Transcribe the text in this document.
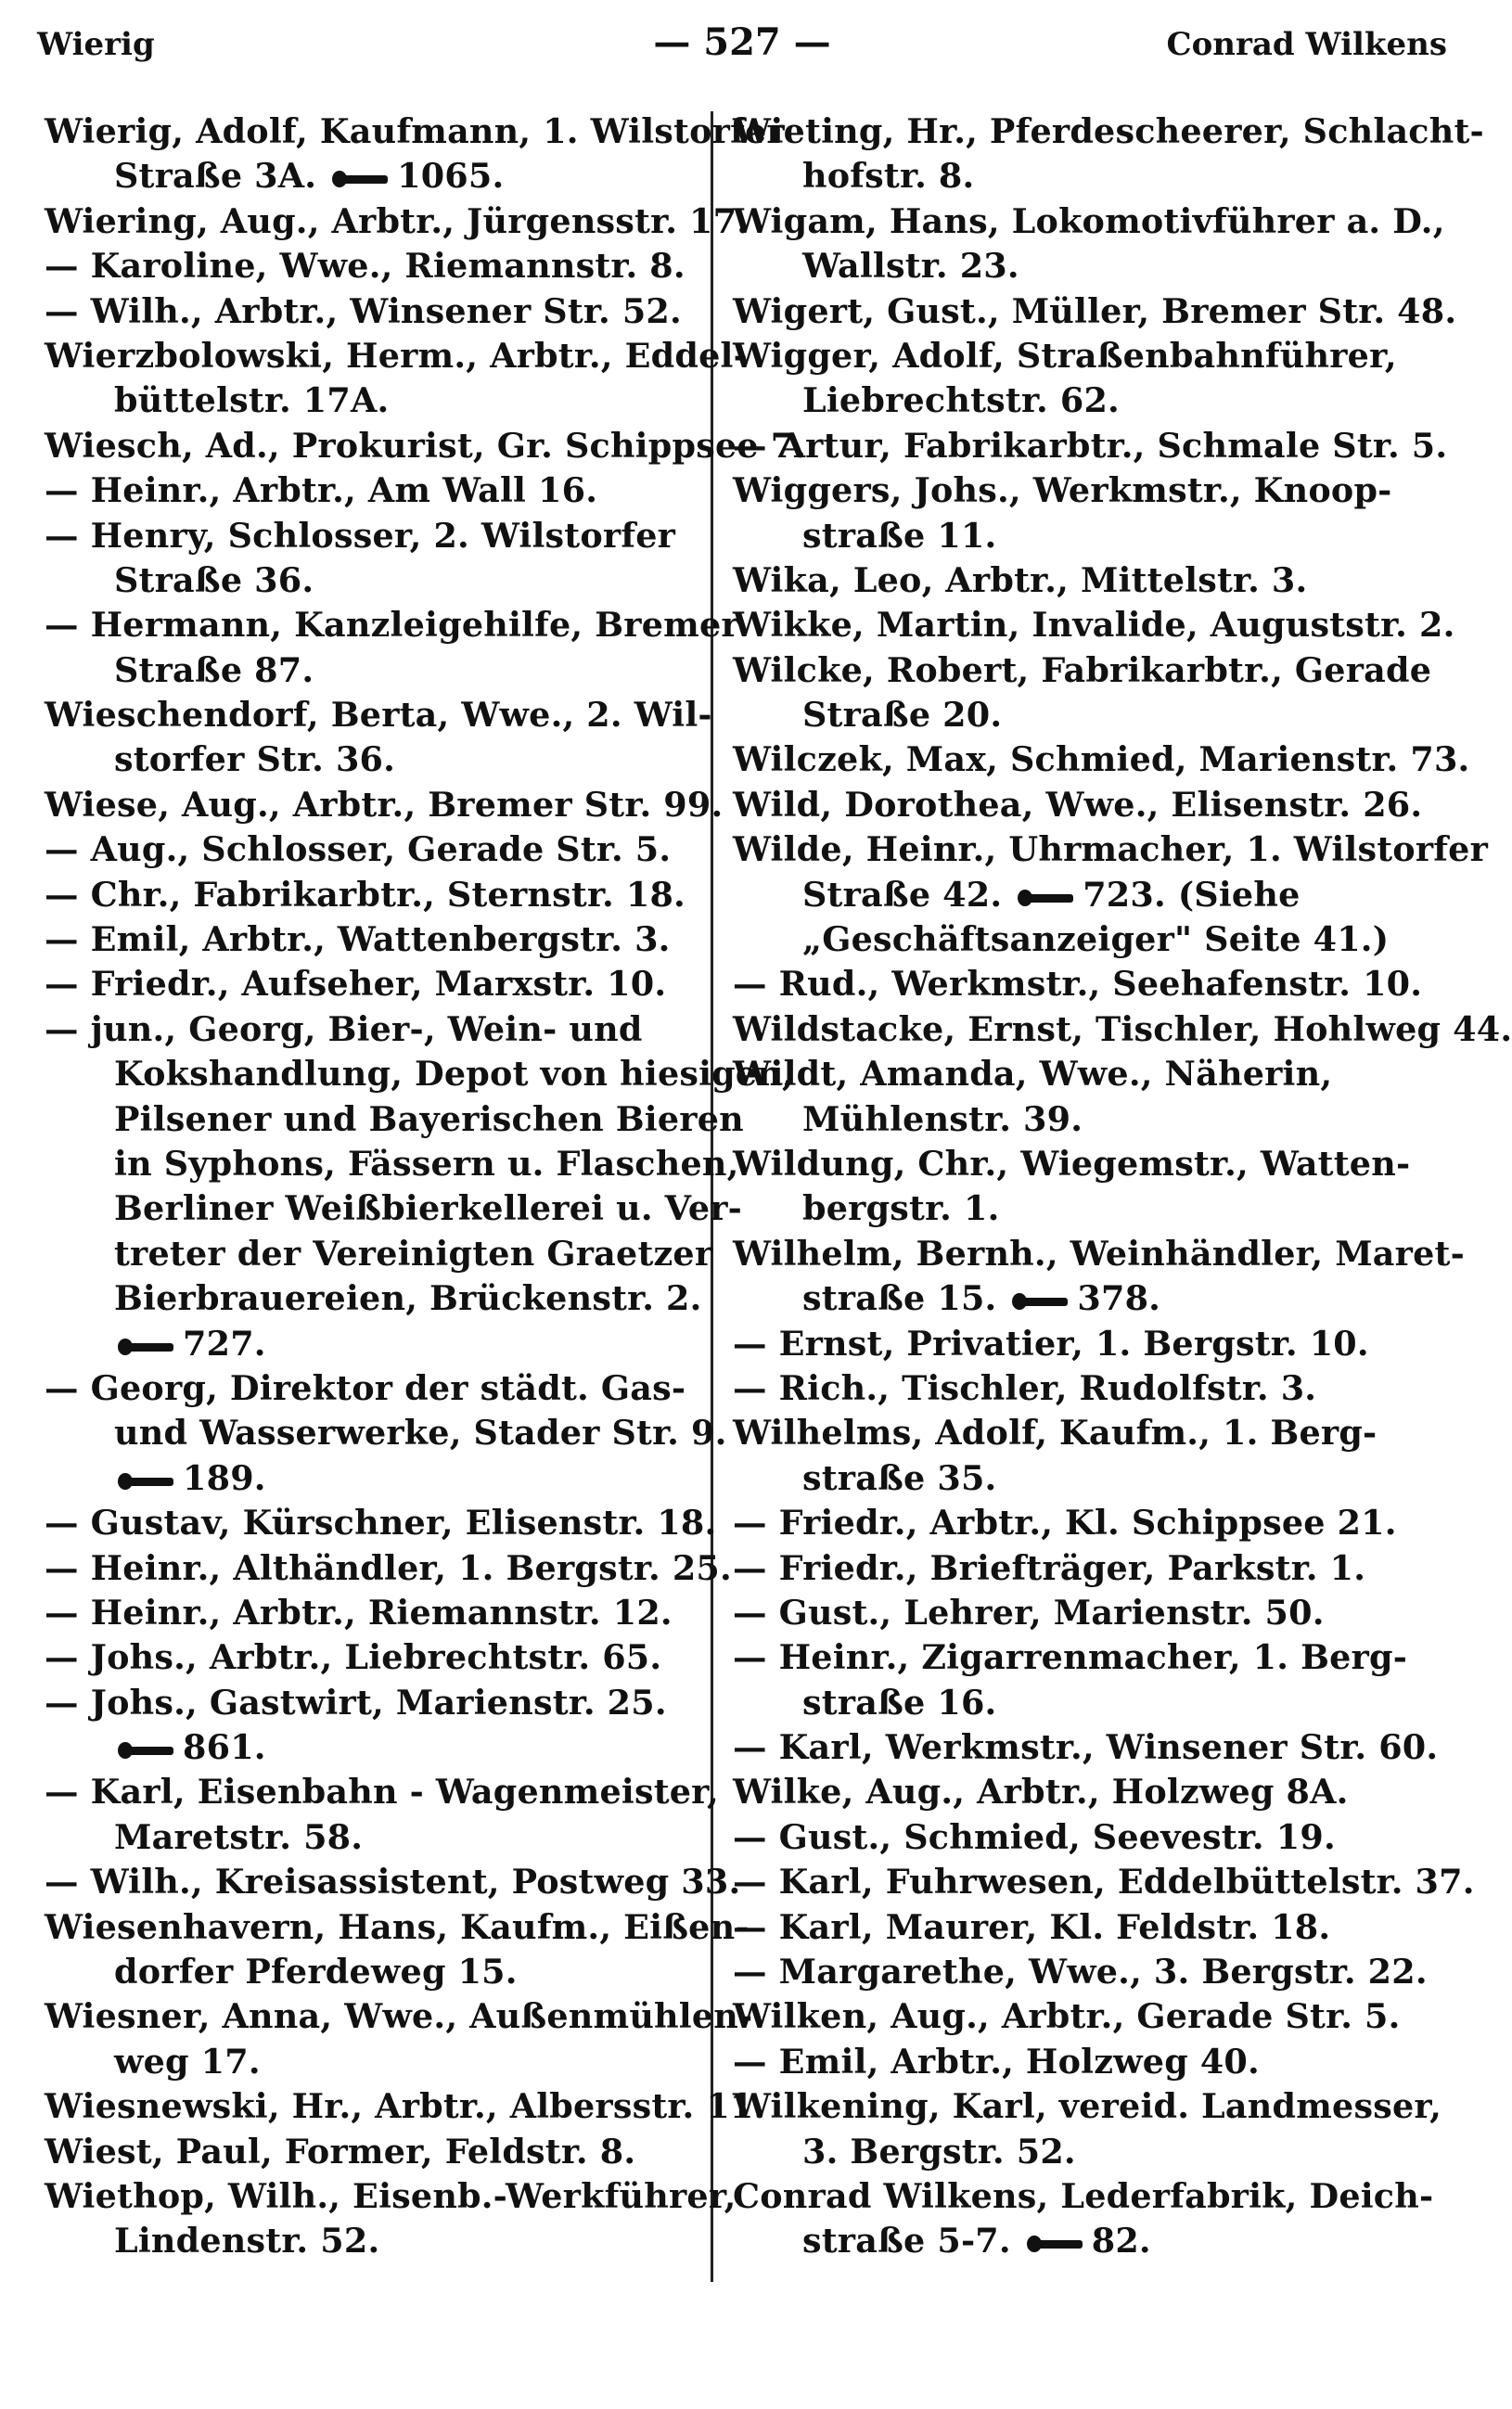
Wierig	— 527 —	Conrad Wilkens
Wierig, Adolf, Kaufmann, 1. Wilstorfer
Straße 3A. 1065.
Wiering, Aug., Arbtr., Jürgensstr. 17.
— Karoline, Wwe., Riemannstr. 8.
— Wilh., Arbtr., Winsener Str. 52.
Wierzbolowski, Herm., Arbtr., Eddel-
büttelstr. 17A.
Wiesch, Ad., Prokurist, Gr. Schippsee 7.
— Heinr., Arbtr., Am Wall 16.
— Henry, Schlosser, 2. Wilstorfer
Straße 36.
— Hermann, Kanzleigehilfe, Bremer
Straße 87.
Wieschendorf, Berta, Wwe., 2. Wil-
storfer Str. 36.
Wiese, Aug., Arbtr., Bremer Str. 99.
— Aug., Schlosser, Gerade Str. 5.
— Chr., Fabrikarbtr., Sternstr. 18.
— Emil, Arbtr., Wattenbergstr. 3.
— Friedr., Aufseher, Marxstr. 10.
— jun., Georg, Bier-, Wein- und
Kokshandlung, Depot von hiesigen,
Pilsener und Bayerischen Bieren
in Syphons, Fässern u. Flaschen,
Berliner Weißbierkellerei u. Ver-
treter der Vereinigten Graetzer
Bierbrauereien, Brückenstr. 2.
727.
— Georg, Direktor der städt. Gas-
und Wasserwerke, Stader Str. 9.
189.
— Gustav, Kürschner, Elisenstr. 18.
— Heinr., Althändler, 1. Bergstr. 25.
— Heinr., Arbtr., Riemannstr. 12.
— Johs., Arbtr., Liebrechtstr. 65.
— Johs., Gastwirt, Marienstr. 25.
861.
— Karl, Eisenbahn - Wagenmeister,
Maretstr. 58.
— Wilh., Kreisassistent, Postweg 33.
Wiesenhavern, Hans, Kaufm., Eißen-
dorfer Pferdeweg 15.
Wiesner, Anna, Wwe., Außenmühlen-
weg 17.
Wiesnewski, Hr., Arbtr., Albersstr. 11.
Wiest, Paul, Former, Feldstr. 8.
Wiethop, Wilh., Eisenb.-Werkführer,
Lindenstr. 52.
Wieting, Hr., Pferdescheerer, Schlacht-
hofstr. 8.
Wigam, Hans, Lokomotivführer a. D.,
Wallstr. 23.
Wigert, Gust., Müller, Bremer Str. 48.
Wigger, Adolf, Straßenbahnführer,
Liebrechtstr. 62.
— Artur, Fabrikarbtr., Schmale Str. 5.
Wiggers, Johs., Werkmstr., Knoop-
straße 11.
Wika, Leo, Arbtr., Mittelstr. 3.
Wikke, Martin, Invalide, Auguststr. 2.
Wilcke, Robert, Fabrikarbtr., Gerade
Straße 20.
Wilczek, Max, Schmied, Marienstr. 73.
Wild, Dorothea, Wwe., Elisenstr. 26.
Wilde, Heinr., Uhrmacher, 1. Wilstorfer
Straße 42. 723. (Siehe
„Geschäftsanzeiger" Seite 41.)
— Rud., Werkmstr., Seehafenstr. 10.
Wildstacke, Ernst, Tischler, Hohlweg 44.
Wildt, Amanda, Wwe., Näherin,
Mühlenstr. 39.
Wildung, Chr., Wiegemstr., Watten-
bergstr. 1.
Wilhelm, Bernh., Weinhändler, Maret-
straße 15. 378.
— Ernst, Privatier, 1. Bergstr. 10.
— Rich., Tischler, Rudolfstr. 3.
Wilhelms, Adolf, Kaufm., 1. Berg-
straße 35.
— Friedr., Arbtr., Kl. Schippsee 21.
— Friedr., Briefträger, Parkstr. 1.
— Gust., Lehrer, Marienstr. 50.
— Heinr., Zigarrenmacher, 1. Berg-
straße 16.
— Karl, Werkmstr., Winsener Str. 60.
Wilke, Aug., Arbtr., Holzweg 8A.
— Gust., Schmied, Seevestr. 19.
— Karl, Fuhrwesen, Eddelbüttelstr. 37.
— Karl, Maurer, Kl. Feldstr. 18.
— Margarethe, Wwe., 3. Bergstr. 22.
Wilken, Aug., Arbtr., Gerade Str. 5.
— Emil, Arbtr., Holzweg 40.
Wilkening, Karl, vereid. Landmesser,
3. Bergstr. 52.
Conrad Wilkens, Lederfabrik, Deich-
straße 5-7. 82.
